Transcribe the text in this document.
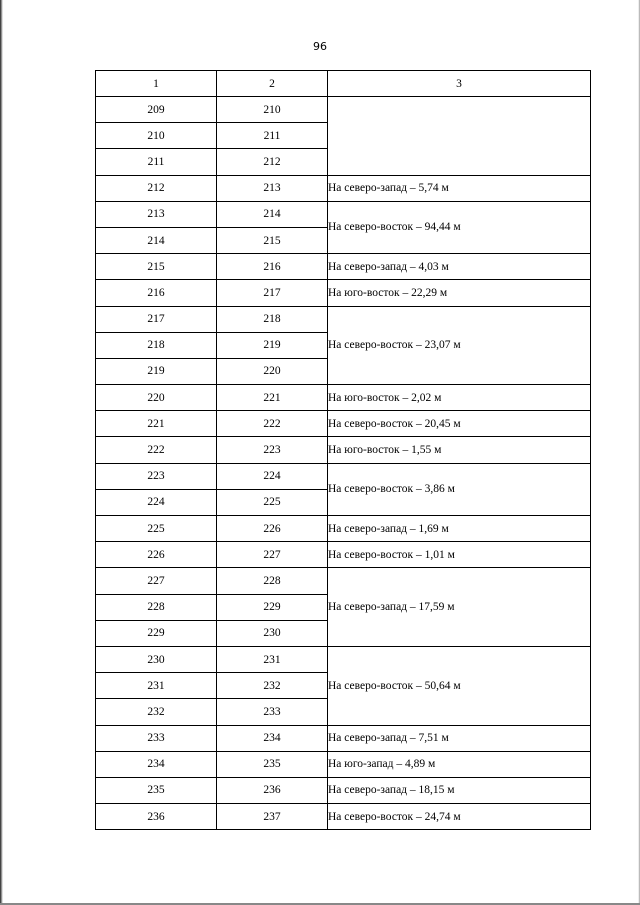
96
1	2	3
209	210	
210	211	
211	212	
212	213	На северо-запад – 5,74 м
213	214	На северо-восток – 94,44 м
214	215	
215	216	На северо-запад – 4,03 м
216	217	На юго-восток – 22,29 м
217	218	На северо-восток – 23,07 м
218	219	
219	220	
220	221	На юго-восток – 2,02 м
221	222	На северо-восток – 20,45 м
222	223	На юго-восток – 1,55 м
223	224	На северо-восток – 3,86 м
224	225	
225	226	На северо-запад – 1,69 м
226	227	На северо-восток – 1,01 м
227	228	На северо-запад – 17,59 м
228	229	
229	230	
230	231	На северо-восток – 50,64 м
231	232	
232	233	
233	234	На северо-запад – 7,51 м
234	235	На юго-запад – 4,89 м
235	236	На северо-запад – 18,15 м
236	237	На северо-восток – 24,74 м
